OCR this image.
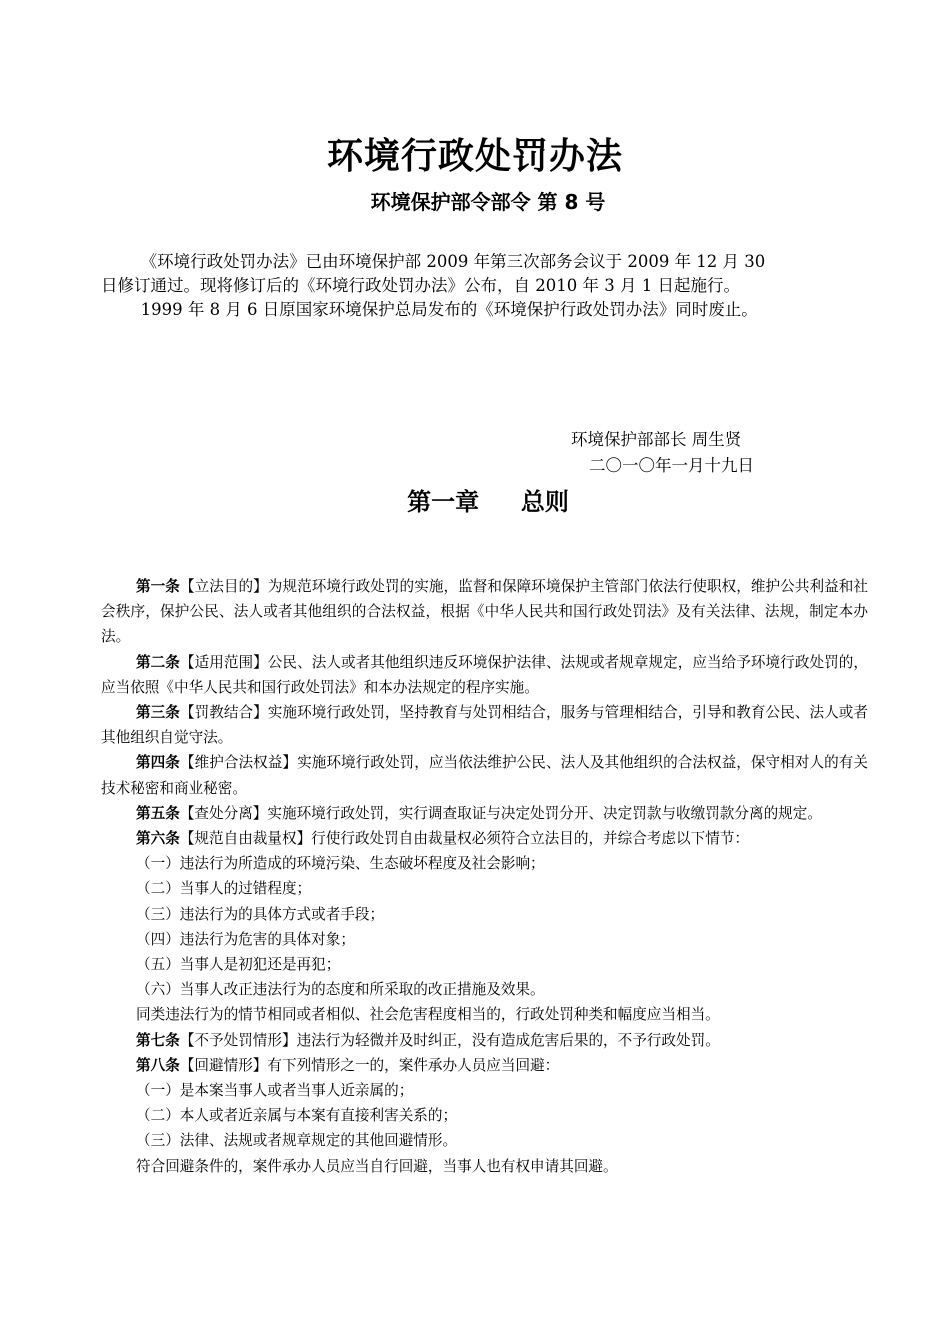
环境行政处罚办法
环境保护部令部令 第 8 号

《环境行政处罚办法》已由环境保护部 2009 年第三次部务会议于 2009 年 12 月 30

日修订通过。现将修订后的《环境行政处罚办法》公布，自 2010 年 3 月 1 日起施行。

1999 年 8 月 6 日原国家环境保护总局发布的《环境保护行政处罚办法》同时废止。

环境保护部部长 周生贤
二〇一〇年一月十九日
第一章     总则

第一条【立法目的】为规范环境行政处罚的实施，监督和保障环境保护主管部门依法行使职权，维护公共利益和社会秩序，保护公民、法人或者其他组织的合法权益，根据《中华人民共和国行政处罚法》及有关法律、法规，制定本办法。

第二条【适用范围】公民、法人或者其他组织违反环境保护法律、法规或者规章规定，应当给予环境行政处罚的，应当依照《中华人民共和国行政处罚法》和本办法规定的程序实施。

第三条【罚教结合】实施环境行政处罚，坚持教育与处罚相结合，服务与管理相结合，引导和教育公民、法人或者其他组织自觉守法。

第四条【维护合法权益】实施环境行政处罚，应当依法维护公民、法人及其他组织的合法权益，保守相对人的有关技术秘密和商业秘密。

第五条【查处分离】实施环境行政处罚，实行调查取证与决定处罚分开、决定罚款与收缴罚款分离的规定。

第六条【规范自由裁量权】行使行政处罚自由裁量权必须符合立法目的，并综合考虑以下情节：

（一）违法行为所造成的环境污染、生态破坏程度及社会影响；

（二）当事人的过错程度；

（三）违法行为的具体方式或者手段；

（四）违法行为危害的具体对象；

（五）当事人是初犯还是再犯；

（六）当事人改正违法行为的态度和所采取的改正措施及效果。

同类违法行为的情节相同或者相似、社会危害程度相当的，行政处罚种类和幅度应当相当。

第七条【不予处罚情形】违法行为轻微并及时纠正，没有造成危害后果的，不予行政处罚。

第八条【回避情形】有下列情形之一的，案件承办人员应当回避：

（一）是本案当事人或者当事人近亲属的；

（二）本人或者近亲属与本案有直接利害关系的；

（三）法律、法规或者规章规定的其他回避情形。

符合回避条件的，案件承办人员应当自行回避，当事人也有权申请其回避。
